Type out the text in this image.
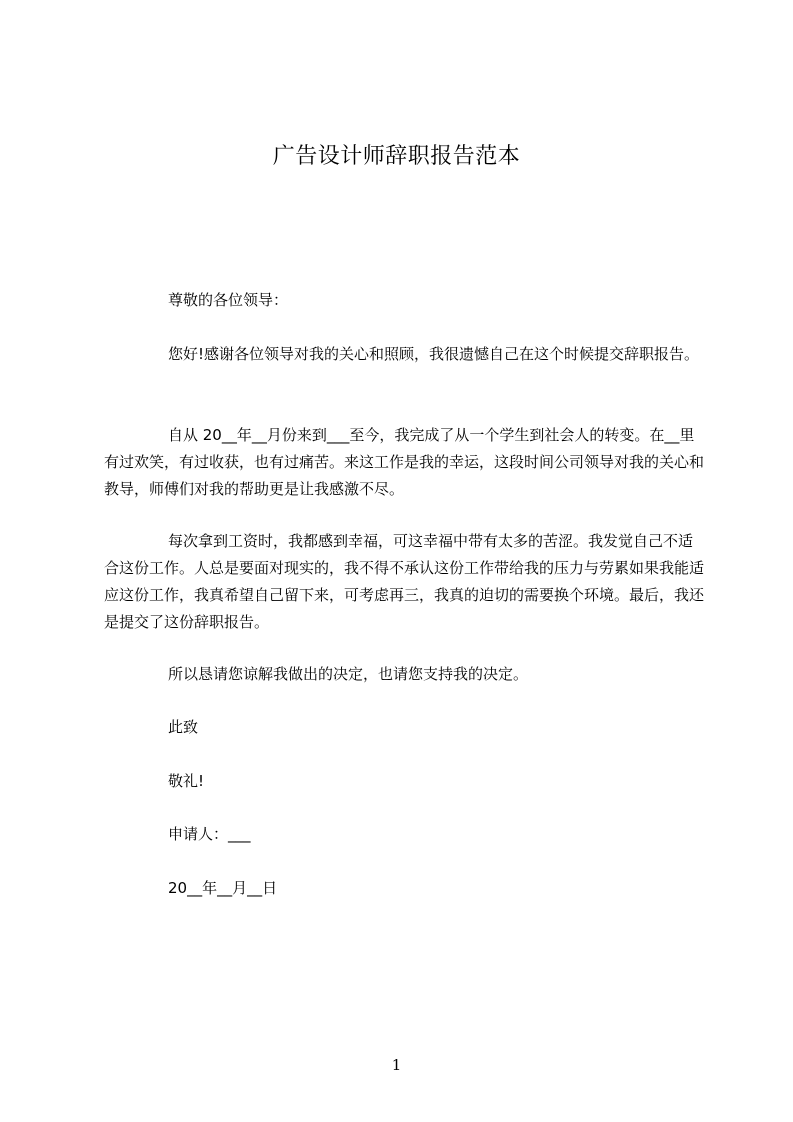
广告设计师辞职报告范本
尊敬的各位领导：

您好!感谢各位领导对我的关心和照顾，我很遗憾自己在这个时候提交辞职报告。

自从 20__年__月份来到___至今，我完成了从一个学生到社会人的转变。在__里有过欢笑，有过收获，也有过痛苦。来这工作是我的幸运，这段时间公司领导对我的关心和教导，师傅们对我的帮助更是让我感激不尽。

每次拿到工资时，我都感到幸福，可这幸福中带有太多的苦涩。我发觉自己不适合这份工作。人总是要面对现实的，我不得不承认这份工作带给我的压力与劳累如果我能适应这份工作，我真希望自己留下来，可考虑再三，我真的迫切的需要换个环境。最后，我还是提交了这份辞职报告。

所以恳请您谅解我做出的决定，也请您支持我的决定。
此致
敬礼!
申请人：___
20__年__月__日
1
